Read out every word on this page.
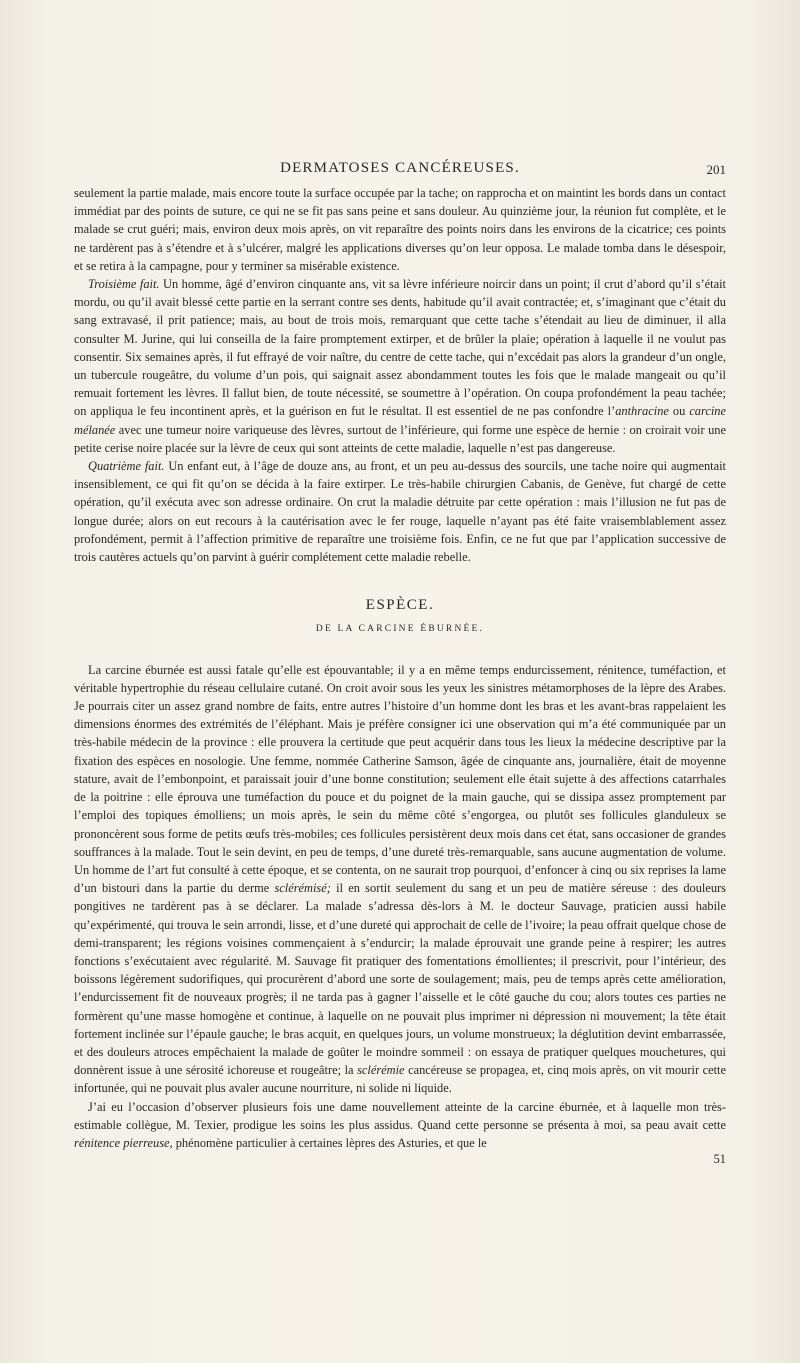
DERMATOSES CANCÉREUSES.	201

seulement la partie malade, mais encore toute la surface occupée par la tache; on rapprocha et on maintint les bords dans un contact immédiat par des points de suture, ce qui ne se fit pas sans peine et sans douleur. Au quinzième jour, la réunion fut complète, et le malade se crut guéri; mais, environ deux mois après, on vit reparaître des points noirs dans les environs de la cicatrice; ces points ne tardèrent pas à s’étendre et à s’ulcérer, malgré les applications diverses qu’on leur opposa. Le malade tomba dans le désespoir, et se retira à la campagne, pour y terminer sa misérable existence.

Troisième fait. Un homme, âgé d’environ cinquante ans, vit sa lèvre inférieure noircir dans un point; il crut d’abord qu’il s’était mordu, ou qu’il avait blessé cette partie en la serrant contre ses dents, habitude qu’il avait contractée; et, s’imaginant que c’était du sang extravasé, il prit patience; mais, au bout de trois mois, remarquant que cette tache s’étendait au lieu de diminuer, il alla consulter M. Jurine, qui lui conseilla de la faire promptement extirper, et de brûler la plaie; opération à laquelle il ne voulut pas consentir. Six semaines après, il fut effrayé de voir naître, du centre de cette tache, qui n’excédait pas alors la grandeur d’un ongle, un tubercule rougeâtre, du volume d’un pois, qui saignait assez abondamment toutes les fois que le malade mangeait ou qu’il remuait fortement les lèvres. Il fallut bien, de toute nécessité, se soumettre à l’opération. On coupa profondément la peau tachée; on appliqua le feu incontinent après, et la guérison en fut le résultat. Il est essentiel de ne pas confondre l’anthracine ou carcine mélanée avec une tumeur noire variqueuse des lèvres, surtout de l’inférieure, qui forme une espèce de hernie : on croirait voir une petite cerise noire placée sur la lèvre de ceux qui sont atteints de cette maladie, laquelle n’est pas dangereuse.

Quatrième fait. Un enfant eut, à l’âge de douze ans, au front, et un peu au-dessus des sourcils, une tache noire qui augmentait insensiblement, ce qui fit qu’on se décida à la faire extirper. Le très-habile chirurgien Cabanis, de Genève, fut chargé de cette opération, qu’il exécuta avec son adresse ordinaire. On crut la maladie détruite par cette opération : mais l’illusion ne fut pas de longue durée; alors on eut recours à la cautérisation avec le fer rouge, laquelle n’ayant pas été faite vraisemblablement assez profondément, permit à l’affection primitive de reparaître une troisième fois. Enfin, ce ne fut que par l’application successive de trois cautères actuels qu’on parvint à guérir complétement cette maladie rebelle.

ESPÈCE.
DE LA CARCINE ÉBURNÉE.

La carcine éburnée est aussi fatale qu’elle est épouvantable; il y a en même temps endurcissement, rénitence, tuméfaction, et véritable hypertrophie du réseau cellulaire cutané. On croit avoir sous les yeux les sinistres métamorphoses de la lèpre des Arabes. Je pourrais citer un assez grand nombre de faits, entre autres l’histoire d’un homme dont les bras et les avant-bras rappelaient les dimensions énormes des extrémités de l’éléphant. Mais je préfère consigner ici une observation qui m’a été communiquée par un très-habile médecin de la province : elle prouvera la certitude que peut acquérir dans tous les lieux la médecine descriptive par la fixation des espèces en nosologie. Une femme, nommée Catherine Samson, âgée de cinquante ans, journalière, était de moyenne stature, avait de l’embonpoint, et paraissait jouir d’une bonne constitution; seulement elle était sujette à des affections catarrhales de la poitrine : elle éprouva une tuméfaction du pouce et du poignet de la main gauche, qui se dissipa assez promptement par l’emploi des topiques émolliens; un mois après, le sein du même côté s’engorgea, ou plutôt ses follicules glanduleux se prononcèrent sous forme de petits œufs très-mobiles; ces follicules persistèrent deux mois dans cet état, sans occasioner de grandes souffrances à la malade. Tout le sein devint, en peu de temps, d’une dureté très-remarquable, sans aucune augmentation de volume. Un homme de l’art fut consulté à cette époque, et se contenta, on ne saurait trop pourquoi, d’enfoncer à cinq ou six reprises la lame d’un bistouri dans la partie du derme sclérémisé; il en sortit seulement du sang et un peu de matière séreuse : des douleurs pongitives ne tardèrent pas à se déclarer. La malade s’adressa dès-lors à M. le docteur Sauvage, praticien aussi habile qu’expérimenté, qui trouva le sein arrondi, lisse, et d’une dureté qui approchait de celle de l’ivoire; la peau offrait quelque chose de demi-transparent; les régions voisines commençaient à s’endurcir; la malade éprouvait une grande peine à respirer; les autres fonctions s’exécutaient avec régularité. M. Sauvage fit pratiquer des fomentations émollientes; il prescrivit, pour l’intérieur, des boissons légèrement sudorifiques, qui procurèrent d’abord une sorte de soulagement; mais, peu de temps après cette amélioration, l’endurcissement fit de nouveaux progrès; il ne tarda pas à gagner l’aisselle et le côté gauche du cou; alors toutes ces parties ne formèrent qu’une masse homogène et continue, à laquelle on ne pouvait plus imprimer ni dépression ni mouvement; la tête était fortement inclinée sur l’épaule gauche; le bras acquit, en quelques jours, un volume monstrueux; la déglutition devint embarrassée, et des douleurs atroces empêchaient la malade de goûter le moindre sommeil : on essaya de pratiquer quelques mouchetures, qui donnèrent issue à une sérosité ichoreuse et rougeâtre; la sclérémie cancéreuse se propagea, et, cinq mois après, on vit mourir cette infortunée, qui ne pouvait plus avaler aucune nourriture, ni solide ni liquide.

J’ai eu l’occasion d’observer plusieurs fois une dame nouvellement atteinte de la carcine éburnée, et à laquelle mon très-estimable collègue, M. Texier, prodigue les soins les plus assidus. Quand cette personne se présenta à moi, sa peau avait cette rénitence pierreuse, phénomène particulier à certaines lèpres des Asturies, et que le

51
